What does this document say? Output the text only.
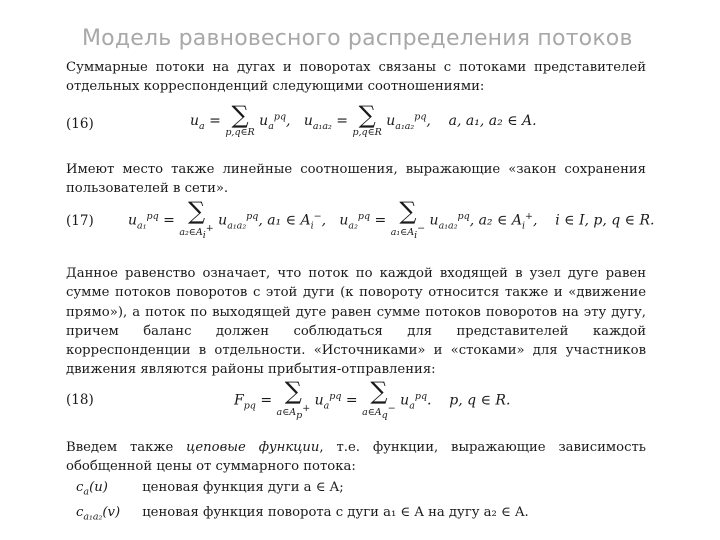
Модель равновесного распределения потоков
Суммарные потоки на дугах и поворотах связаны с потоками представителей отдельных корреспонденций следующими соотношениями:
(16)	$u_a$ = ∑
p,q∈R
$u_a^{pq}$,   $u_{a_1a_2}$ = ∑
p,q∈R
$u_{a_1a_2}^{pq}$,    a, a₁, a₂ ∈ A.
Имеют место также линейные соотношения, выражающие «закон сохранения пользователей в сети».
(17) $u_{a_1}^{pq}$ = ∑
$a_2\in A_i^+$ $u_{a_1a_2}^{pq}$, a₁ ∈ $A_i^-$,   $u_{a_2}^{pq}$ = ∑
$a_1\in A_i^-$ $u_{a_1a_2}^{pq}$, a₂ ∈ $A_i^+$,    i ∈ I, p, q ∈ R.
Данное равенство означает, что поток по каждой входящей в узел дуге равен сумме потоков поворотов с этой дуги (к повороту относится также и «движение прямо»), а поток по выходящей дуге равен сумме потоков поворотов на эту дугу, причем баланс должен соблюдаться для представителей каждой корреспонденции в отдельности. «Источниками» и «стоками» для участников движения являются районы прибытия-отправления:
(18)	$F_{pq}$ = ∑
$a\in A_p^+$ $u_a^{pq}$ = ∑
$a\in A_q^-$ $u_a^{pq}$.    p, q ∈ R.
Введем также цеповые функции, т.е. функции, выражающие зависимость обобщенной цены от суммарного потока:
$c_a(u)$	ценовая функция дуги a ∈ A;
$c_{a_1a_2}(v)$ ценовая функция поворота с дуги a₁ ∈ A на дугу a₂ ∈ A.
